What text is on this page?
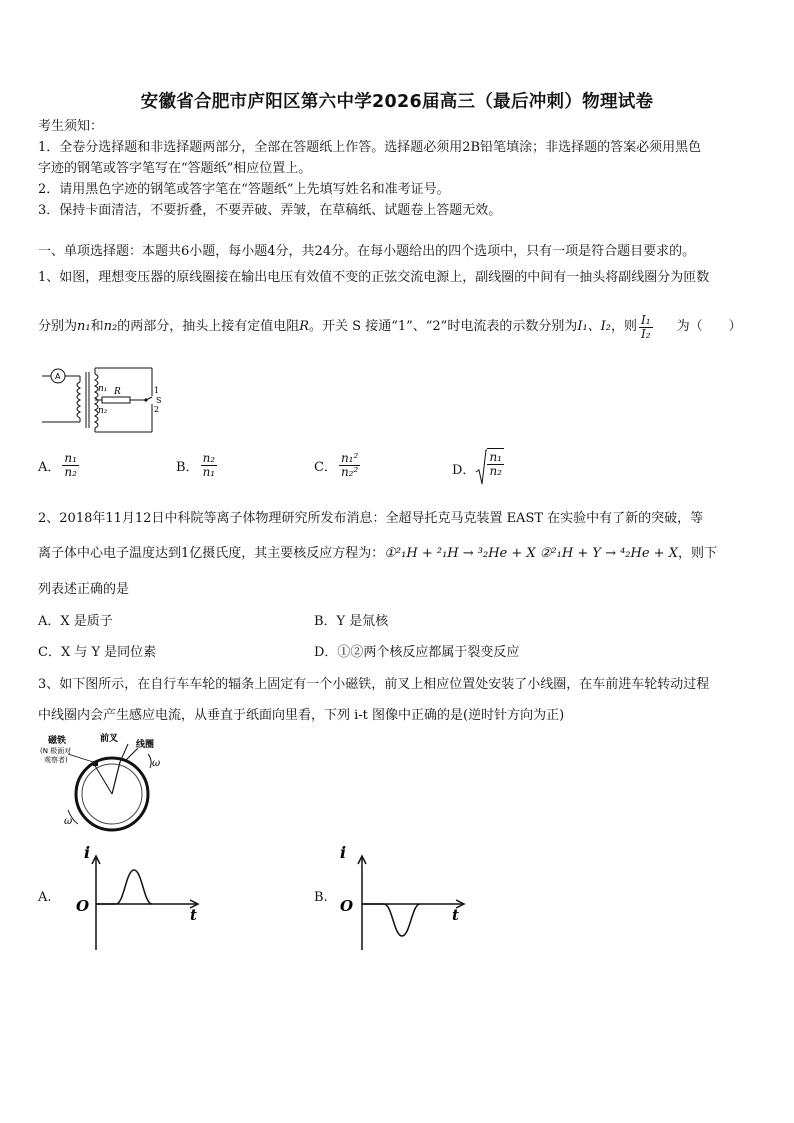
安徽省合肥市庐阳区第六中学2026届高三（最后冲刺）物理试卷
考生须知：
1．全卷分选择题和非选择题两部分，全部在答题纸上作答。选择题必须用2B铅笔填涂；非选择题的答案必须用黑色
字迹的钢笔或答字笔写在“答题纸”相应位置上。
2．请用黑色字迹的钢笔或答字笔在“答题纸”上先填写姓名和准考证号。
3．保持卡面清洁，不要折叠，不要弄破、弄皱，在草稿纸、试题卷上答题无效。
一、单项选择题：本题共6小题，每小题4分，共24分。在每小题给出的四个选项中，只有一项是符合题目要求的。
1、如图，理想变压器的原线圈接在输出电压有效值不变的正弦交流电源上，副线圈的中间有一抽头将副线圈分为匝数
分别为 n₁ 和 n₂ 的两部分，抽头上接有定值电阻 R 。开关 S 接通“1”、“2”时电流表的示数分别为 I₁、I₂ ，则 $\frac{\text{I₁}}{\text{I₂}}$ 为（　　）
n₁
n₂
R	1
2
S
A
A． $\frac{\text{n₁}}{\text{n₂}}$	B． $\frac{\text{n₂}}{\text{n₁}}$	C． $\frac{\text{n₁²}}{\text{n₂²}}$	D． $\frac{\text{n₁}}{\text{n₂}}$
2、2018年11月12日中科院等离子体物理研究所发布消息：全超导托克马克装置 EAST 在实验中有了新的突破，等
离子体中心电子温度达到1亿摄氏度，其主要核反应方程为：①²₁H + ²₁H → ³₂He + X ②²₁H + Y → ⁴₂He + X，则下
列表述正确的是
A．X 是质子	B．Y 是氚核
C．X 与 Y 是同位素	D．①②两个核反应都属于裂变反应
3、如下图所示，在自行车车轮的辐条上固定有一个小磁铁，前叉上相应位置处安装了小线圈，在车前进车轮转动过程
中线圈内会产生感应电流，从垂直于纸面向里看，下列 i-t 图像中正确的是(逆时针方向为正)
磁铁
(N 极面对
观察者)
前叉
线圈
ω
ω
A.
i
O	t
B.
i
O	t
